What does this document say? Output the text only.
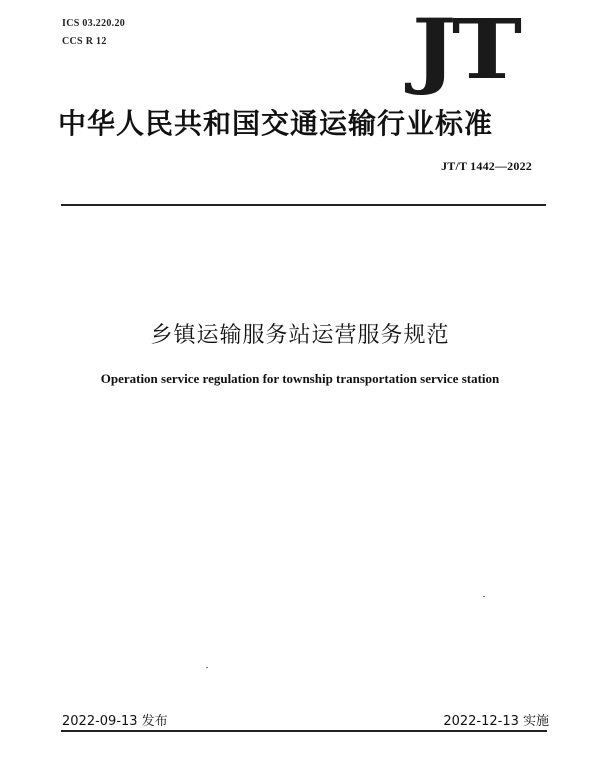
ICS 03.220.20
CCS R 12	JT
中华人民共和国交通运输行业标准
JT/T 1442—2022
乡镇运输服务站运营服务规范
Operation service regulation for township transportation service station
2022-09-13 发布	2022-12-13 实施
